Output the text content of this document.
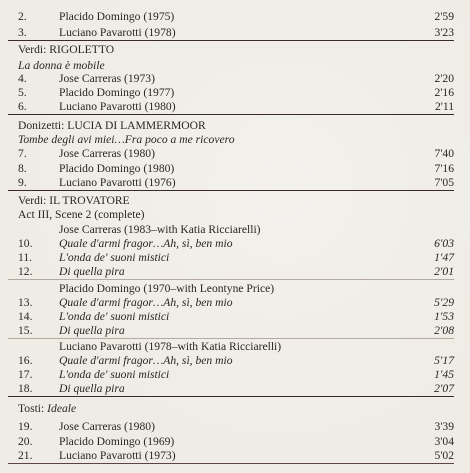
2.	Placido Domingo (1975)	2'59
3.	Luciano Pavarotti (1978)	3'23
Verdi: RIGOLETTO
La donna è mobile
4.	Jose Carreras (1973)	2'20
5.	Placido Domingo (1977)	2'16
6.	Luciano Pavarotti (1980)	2'11
Donizetti: LUCIA DI LAMMERMOOR
Tombe degli avi miei…Fra poco a me ricovero
7.	Jose Carreras (1980)	7'40
8.	Placido Domingo (1980)	7'16
9.	Luciano Pavarotti (1976)	7'05
Verdi: IL TROVATORE
Act III, Scene 2 (complete)
Jose Carreras (1983–with Katia Ricciarelli)
10. Quale d'armi fragor…Ah, sì, ben mio	6'03
11. L'onda de' suoni mistici	1'47
12. Di quella pira	2'01
Placido Domingo (1970–with Leontyne Price)
13. Quale d'armi fragor…Ah, sì, ben mio	5'29
14. L'onda de' suoni mistici	1'53
15. Di quella pira	2'08
Luciano Pavarotti (1978–with Katia Ricciarelli)
16. Quale d'armi fragor…Ah, sì, ben mio	5'17
17. L'onda de' suoni mistici	1'45
18. Di quella pira	2'07
Tosti: Ideale
19. Jose Carreras (1980)	3'39
20. Placido Domingo (1969)	3'04
21. Luciano Pavarotti (1973)	5'02
